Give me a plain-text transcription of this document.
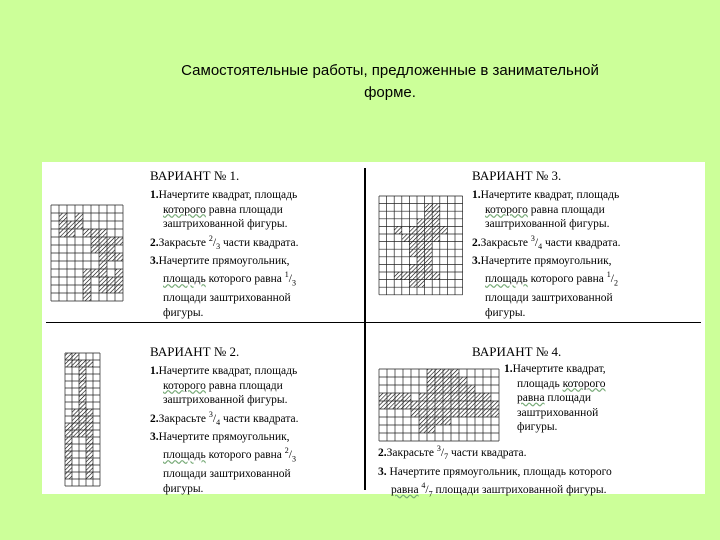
Самостоятельные работы, предложенные в занимательной
форме.
ВАРИАНТ № 1.
1.Начертите квадрат, площадь
которого равна площади
заштрихованной фигуры.
2.Закрасьте $^2/_3$ части квадрата.
3.Начертите прямоугольник,
площадь которого равна $^1/_3$
площади заштрихованной
фигуры.
ВАРИАНТ № 3.
1.Начертите квадрат, площадь
которого равна площади
заштрихованной фигуры.
2.Закрасьте $^3/_4$ части квадрата.
3.Начертите прямоугольник,
площадь которого равна $^1/_2$
площади заштрихованной
фигуры.
ВАРИАНТ № 2.
1.Начертите квадрат, площадь
которого равна площади
заштрихованной фигуры.
2.Закрасьте $^3/_4$ части квадрата.
3.Начертите прямоугольник,
площадь которого равна $^2/_3$
площади заштрихованной
фигуры.
ВАРИАНТ № 4.
1.Начертите квадрат,
площадь которого
равна площади
заштрихованной
фигуры.
2.Закрасьте $^3/_7$ части квадрата.
3. Начертите прямоугольник, площадь которого
равна $^4/_7$ площади заштрихованной фигуры.
